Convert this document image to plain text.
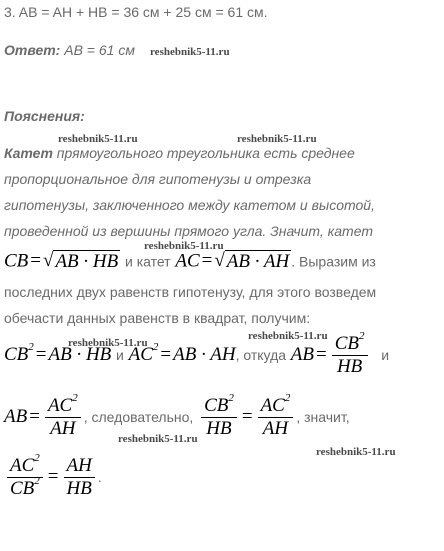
3. AB = AH + HB = 36 см + 25 см = 61 см.
Ответ: AB = 61 см reshebnik5-11.ru
Пояснения:
reshebnik5-11.ru	reshebnik5-11.ru
Катет прямоугольного треугольника есть среднее
пропорциональное для гипотенузы и отрезка
гипотенузы, заключенного между катетом и высотой,
проведенной из вершины прямого угла. Значит, катет
reshebnik5-11.ru
CB = √ AB · HB и катет AC = √ AB · AH . Выразим из
последних двух равенств гипотенузу, для этого возведем
обечасти данных равенств в квадрат, получим:
reshebnik5-11.ru
reshebnik5-11.ru
$CB^2$ = AB · HB и $AC^2$ = AB · AH, откуда AB = $\frac{CB^2}{HB}$ и
AB = $\frac{AC^2}{AH}$ , следовательно, $\frac{CB^2}{HB} = \frac{AC^2}{AH}$ , значит,
reshebnik5-11.ru
reshebnik5-11.ru
$\frac{AC^2}{CB^2} = \frac{AH}{HB}$ .
